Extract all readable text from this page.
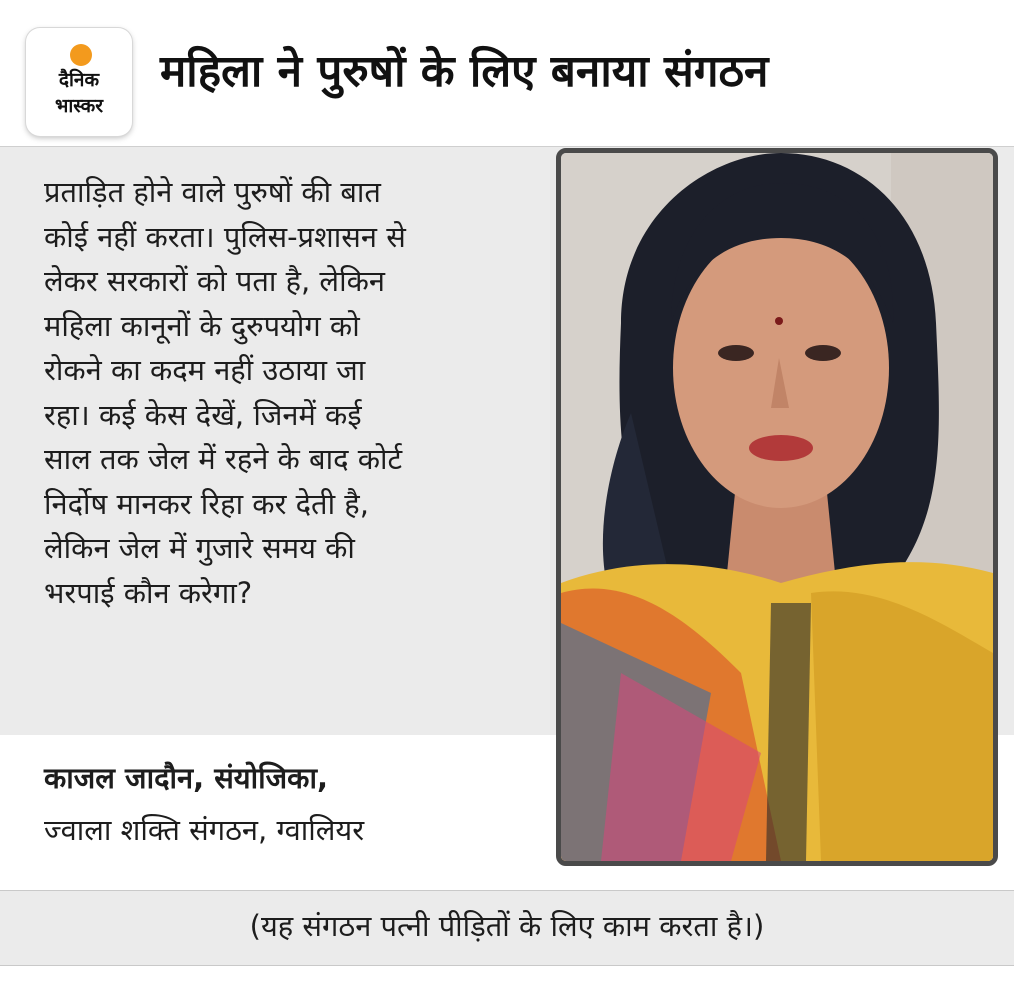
दैनिक
भास्कर
महिला ने पुरुषों के लिए बनाया संगठन
प्रताड़ित होने वाले पुरुषों की बात
कोई नहीं करता। पुलिस-प्रशासन से
लेकर सरकारों को पता है, लेकिन
महिला कानूनों के दुरुपयोग को
रोकने का कदम नहीं उठाया जा
रहा। कई केस देखें, जिनमें कई
साल तक जेल में रहने के बाद कोर्ट
निर्दोष मानकर रिहा कर देती है,
लेकिन जेल में गुजारे समय की
भरपाई कौन करेगा?
काजल जादौन, संयोजिका,
ज्वाला शक्ति संगठन, ग्वालियर
(यह संगठन पत्नी पीड़ितों के लिए काम करता है।)
